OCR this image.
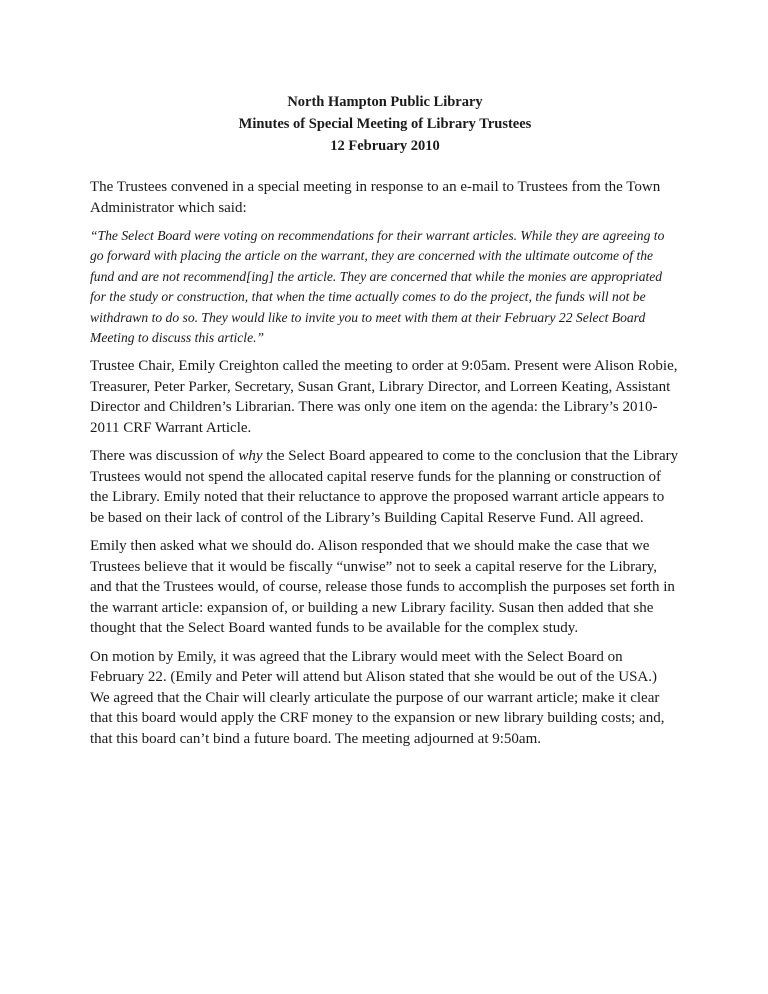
North Hampton Public Library
Minutes of Special Meeting of Library Trustees
12 February 2010

The Trustees convened in a special meeting in response to an e-mail to Trustees from the Town Administrator which said:

“The Select Board were voting on recommendations for their warrant articles. While they are agreeing to go forward with placing the article on the warrant, they are concerned with the ultimate outcome of the fund and are not recommend[ing] the article. They are concerned that while the monies are appropriated for the study or construction, that when the time actually comes to do the project, the funds will not be withdrawn to do so. They would like to invite you to meet with them at their February 22 Select Board Meeting to discuss this article.”

Trustee Chair, Emily Creighton called the meeting to order at 9:05am. Present were Alison Robie, Treasurer, Peter Parker, Secretary, Susan Grant, Library Director, and Lorreen Keating, Assistant Director and Children’s Librarian. There was only one item on the agenda: the Library’s 2010-2011 CRF Warrant Article.

There was discussion of why the Select Board appeared to come to the conclusion that the Library Trustees would not spend the allocated capital reserve funds for the planning or construction of the Library. Emily noted that their reluctance to approve the proposed warrant article appears to be based on their lack of control of the Library’s Building Capital Reserve Fund. All agreed.

Emily then asked what we should do. Alison responded that we should make the case that we Trustees believe that it would be fiscally “unwise” not to seek a capital reserve for the Library, and that the Trustees would, of course, release those funds to accomplish the purposes set forth in the warrant article: expansion of, or building a new Library facility. Susan then added that she thought that the Select Board wanted funds to be available for the complex study.

On motion by Emily, it was agreed that the Library would meet with the Select Board on February 22. (Emily and Peter will attend but Alison stated that she would be out of the USA.) We agreed that the Chair will clearly articulate the purpose of our warrant article; make it clear that this board would apply the CRF money to the expansion or new library building costs; and, that this board can’t bind a future board. The meeting adjourned at 9:50am.
